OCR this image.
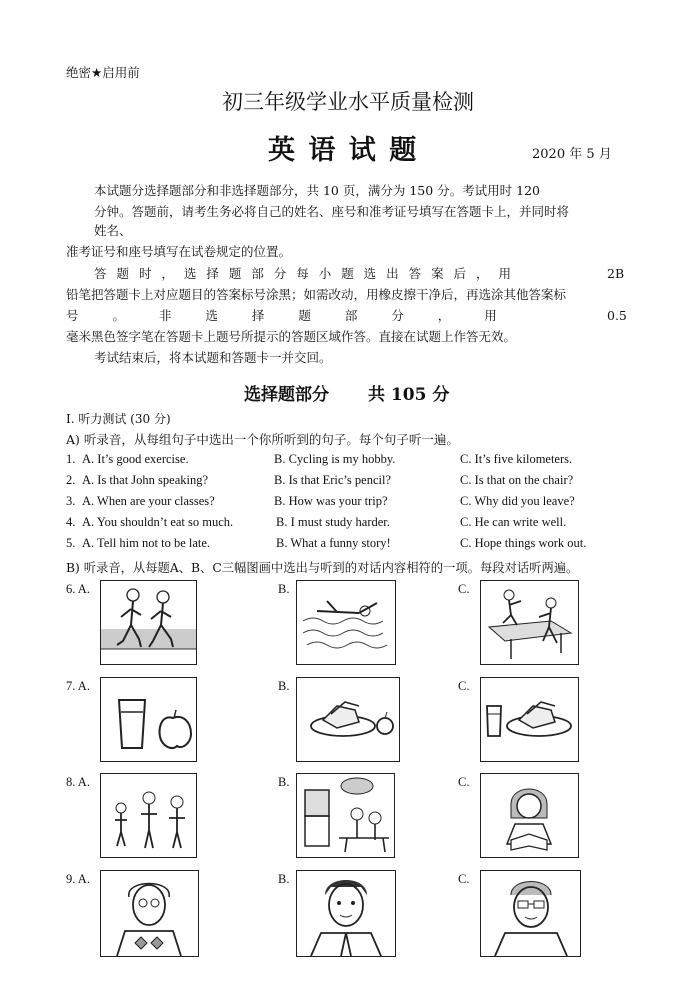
绝密★启用前
初三年级学业水平质量检测
英 语 试 题	2020 年 5 月
本试题分选择题部分和非选择题部分，共 10 页，满分为 150 分。考试用时 120
分钟。答题前，请考生务必将自己的姓名、座号和准考证号填写在答题卡上，并同时将
姓名、
准考证号和座号填写在试卷规定的位置。
答 题 时 ， 选 择 题 部 分 每 小 题 选 出 答 案 后 ， 用	2B
铅笔把答题卡上对应题目的答案标号涂黑；如需改动，用橡皮擦干净后，再选涂其他答案标
号 。 非 选 择 题 部 分 ， 用	0.5
毫米黑色签字笔在答题卡上题号所提示的答题区域作答。直接在试题上作答无效。
考试结束后，将本试题和答题卡一并交回。
选择题部分 共 105 分
I. 听力测试 (30 分)
A) 听录音，从每组句子中选出一个你所听到的句子。每个句子听一遍。
1. A. It’s good exercise.	B. Cycling is my hobby.	C. It’s five kilometers.
2. A. Is that John speaking?	B. Is that Eric’s pencil?	C. Is that on the chair?
3. A. When are your classes?	B. How was your trip?	C. Why did you leave?
4. A. You shouldn’t eat so much.	B. I must study harder.	C. He can write well.
5. A. Tell him not to be late.	B. What a funny story!	C. Hope things work out.
B) 听录音，从每题A、B、C三幅图画中选出与听到的对话内容相符的一项。每段对话听两遍。
6. A.	B.	C.
7. A.	B.	C.
8. A.	B.	C.
9. A.	B.	C.
